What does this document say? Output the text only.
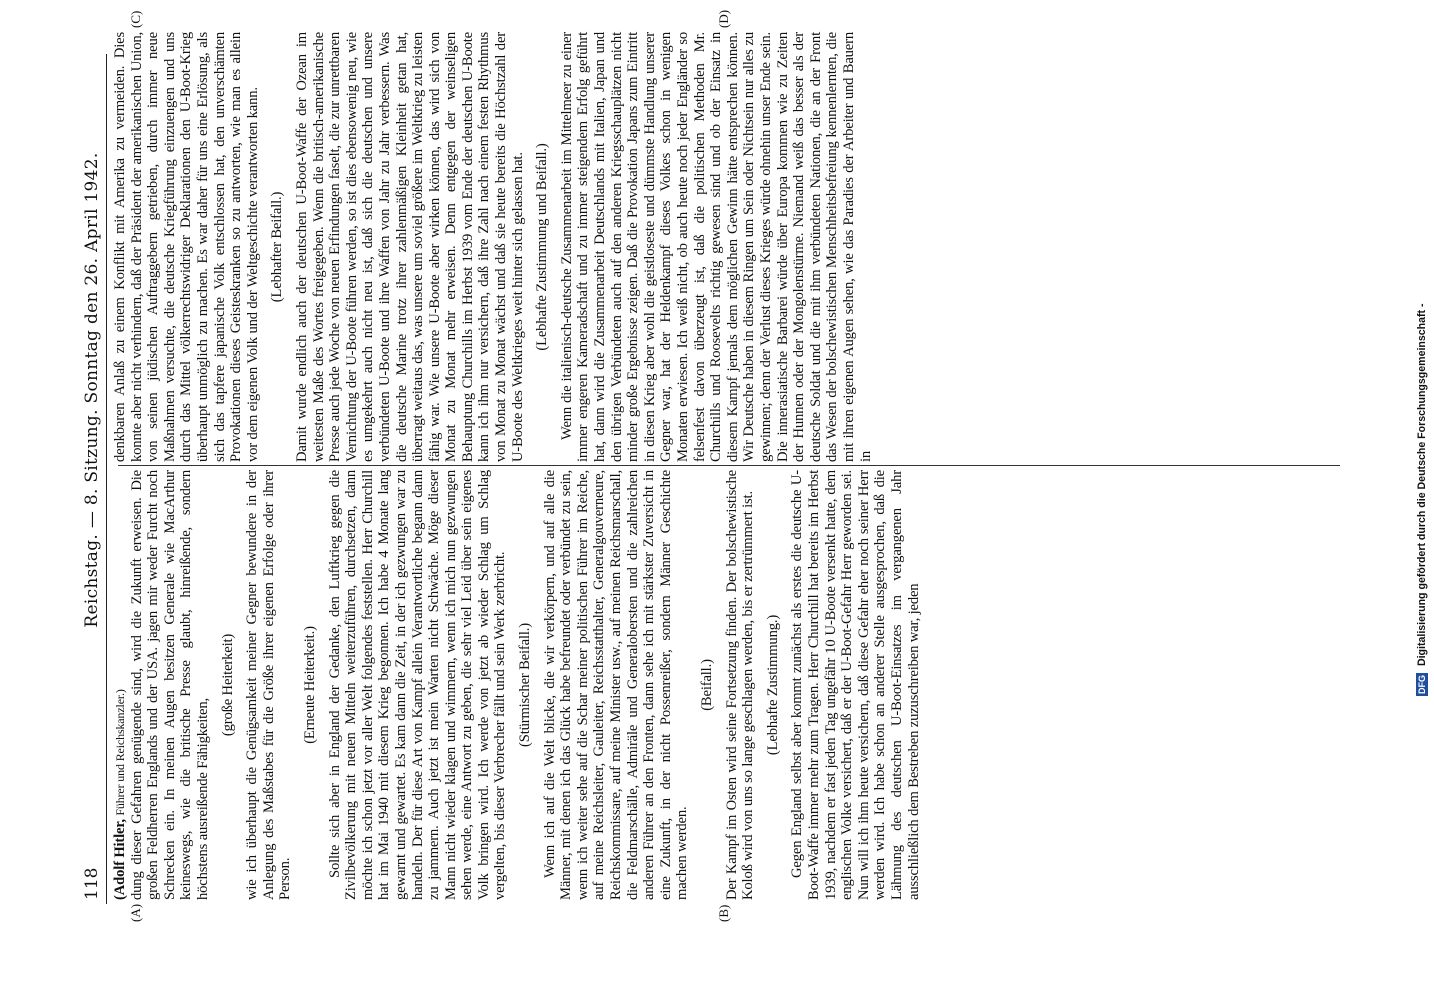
118
Reichstag. — 8. Sitzung. Sonntag den 26. April 1942.
(A)	(B)
(C)	(D)

(Adolf Hitler, Führer und Reichskanzler.) dung dieser Gefahren genügende sind, wird die Zukunft erweisen. Die großen Feldherren Englands und der USA. jagen mir weder Furcht noch Schrecken ein. In meinen Augen besitzen Generale wie MacArthur keineswegs, wie die britische Presse glaubt, hinreißende, sondern höchstens ausreißende Fähigkeiten,

(große Heiterkeit) wie ich überhaupt die Genügsamkeit meiner Gegner bewundere in der Anlegung des Maßstabes für die Größe ihrer eigenen Erfolge oder ihrer Person.

(Erneute Heiterkeit.) Sollte sich aber in England der Gedanke, den Luftkrieg gegen die Zivilbevölkerung mit neuen Mitteln weiterzuführen, durchsetzen, dann möchte ich schon jetzt vor aller Welt folgendes feststellen. Herr Churchill hat im Mai 1940 mit diesem Krieg begonnen. Ich habe 4 Monate lang gewarnt und gewartet. Es kam dann die Zeit, in der ich gezwungen war zu handeln. Der für diese Art von Kampf allein Verantwortliche begann dann zu jammern. Auch jetzt ist mein Warten nicht Schwäche. Möge dieser Mann nicht wieder klagen und wimmern, wenn ich mich nun gezwungen sehen werde, eine Antwort zu geben, die sehr viel Leid über sein eigenes Volk bringen wird. Ich werde von jetzt ab wieder Schlag um Schlag vergelten, bis dieser Verbrecher fällt und sein Werk zerbricht. (Stürmischer Beifall.) Wenn ich auf die Welt blicke, die wir verkörpern, und auf alle die Männer, mit denen ich das Glück habe befreundet oder verbündet zu sein, wenn ich weiter sehe auf die Schar meiner politischen Führer im Reiche, auf meine Reichsleiter, Gauleiter, Reichsstatthalter, Generalgouverneure, Reichskommissare, auf meine Minister usw., auf meinen Reichsmarschall, die Feldmarschälle, Admiräle und Generalobersten und die zahlreichen anderen Führer an den Fronten, dann sehe ich mit stärkster Zuversicht in eine Zukunft, in der nicht Possenreißer, sondern Männer Geschichte machen werden.

(Beifall.) Der Kampf im Osten wird seine Fortsetzung finden. Der bolschewistische Koloß wird von uns so lange geschlagen werden, bis er zertrümmert ist. (Lebhafte Zustimmung.) Gegen England selbst aber kommt zunächst als erstes die deutsche U-Boot-Waffe immer mehr zum Tragen. Herr Churchill hat bereits im Herbst 1939, nachdem er fast jeden Tag ungefähr 10 U-Boote versenkt hatte, dem englischen Volke versichert, daß er der U-Boot-Gefahr Herr geworden sei. Nun will ich ihm heute versichern, daß diese Gefahr eher noch seiner Herr werden wird. Ich habe schon an anderer Stelle ausgesprochen, daß die Lähmung des deutschen U-Boot-Einsatzes im vergangenen Jahr ausschließlich dem Bestreben zuzuschreiben war, jeden

denkbaren Anlaß zu einem Konflikt mit Amerika zu vermeiden. Dies konnte aber nicht verhindern, daß der Präsident der amerikanischen Union, von seinen jüdischen Auftraggebern getrieben, durch immer neue Maßnahmen versuchte, die deutsche Kriegführung einzuengen und uns durch das Mittel völkerrechtswidriger Deklarationen den U-Boot-Krieg überhaupt unmöglich zu machen. Es war daher für uns eine Erlösung, als sich das tapfere japanische Volk entschlossen hat, den unverschämten Provokationen dieses Geisteskranken so zu antworten, wie man es allein vor dem eigenen Volk und der Weltgeschichte verantworten kann. (Lebhafter Beifall.) Damit wurde endlich auch der deutschen U-Boot-Waffe der Ozean im weitesten Maße des Wortes freigegeben. Wenn die britisch-amerikanische Presse auch jede Woche von neuen Erfindungen faselt, die zur unrettbaren Vernichtung der U-Boote führen werden, so ist dies ebensowenig neu, wie es umgekehrt auch nicht neu ist, daß sich die deutschen und unsere verbündeten U-Boote und ihre Waffen von Jahr zu Jahr verbessern. Was die deutsche Marine trotz ihrer zahlenmäßigen Kleinheit getan hat, überragt weitaus das, was unsere um soviel größere im Weltkrieg zu leisten fähig war. Wie unsere U-Boote aber wirken können, das wird sich von Monat zu Monat mehr erweisen. Denn entgegen der weinseligen Behauptung Churchills im Herbst 1939 vom Ende der deutschen U-Boote kann ich ihm nur versichern, daß ihre Zahl nach einem festen Rhythmus von Monat zu Monat wächst und daß sie heute bereits die Höchstzahl der U-Boote des Weltkrieges weit hinter sich gelassen hat. (Lebhafte Zustimmung und Beifall.) Wenn die italienisch-deutsche Zusammenarbeit im Mittelmeer zu einer immer engeren Kameradschaft und zu immer steigendem Erfolg geführt hat, dann wird die Zusammenarbeit Deutschlands mit Italien, Japan und den übrigen Verbündeten auch auf den anderen Kriegsschauplätzen nicht minder große Ergebnisse zeigen. Daß die Provokation Japans zum Eintritt in diesen Krieg aber wohl die geistloseste und dümmste Handlung unserer Gegner war, hat der Heldenkampf dieses Volkes schon in wenigen Monaten erwiesen. Ich weiß nicht, ob auch heute noch jeder Engländer so felsenfest davon überzeugt ist, daß die politischen Methoden Mr. Churchills und Roosevelts richtig gewesen sind und ob der Einsatz in diesem Kampf jemals dem möglichen Gewinn hätte entsprechen können. Wir Deutsche haben in diesem Ringen um Sein oder Nichtsein nur alles zu gewinnen; denn der Verlust dieses Krieges würde ohnehin unser Ende sein. Die innerasiatische Barbarei würde über Europa kommen wie zu Zeiten der Hunnen oder der Mongolenstürme. Niemand weiß das besser als der deutsche Soldat und die mit ihm verbündeten Nationen, die an der Front das Wesen der bolschewistischen Menschheitsbefreiung kennenlernten, die mit ihren eigenen Augen sehen, wie das Paradies der Arbeiter und Bauern in

DFG Digitalisierung gefördert durch die Deutsche Forschungsgemeinschaft -
